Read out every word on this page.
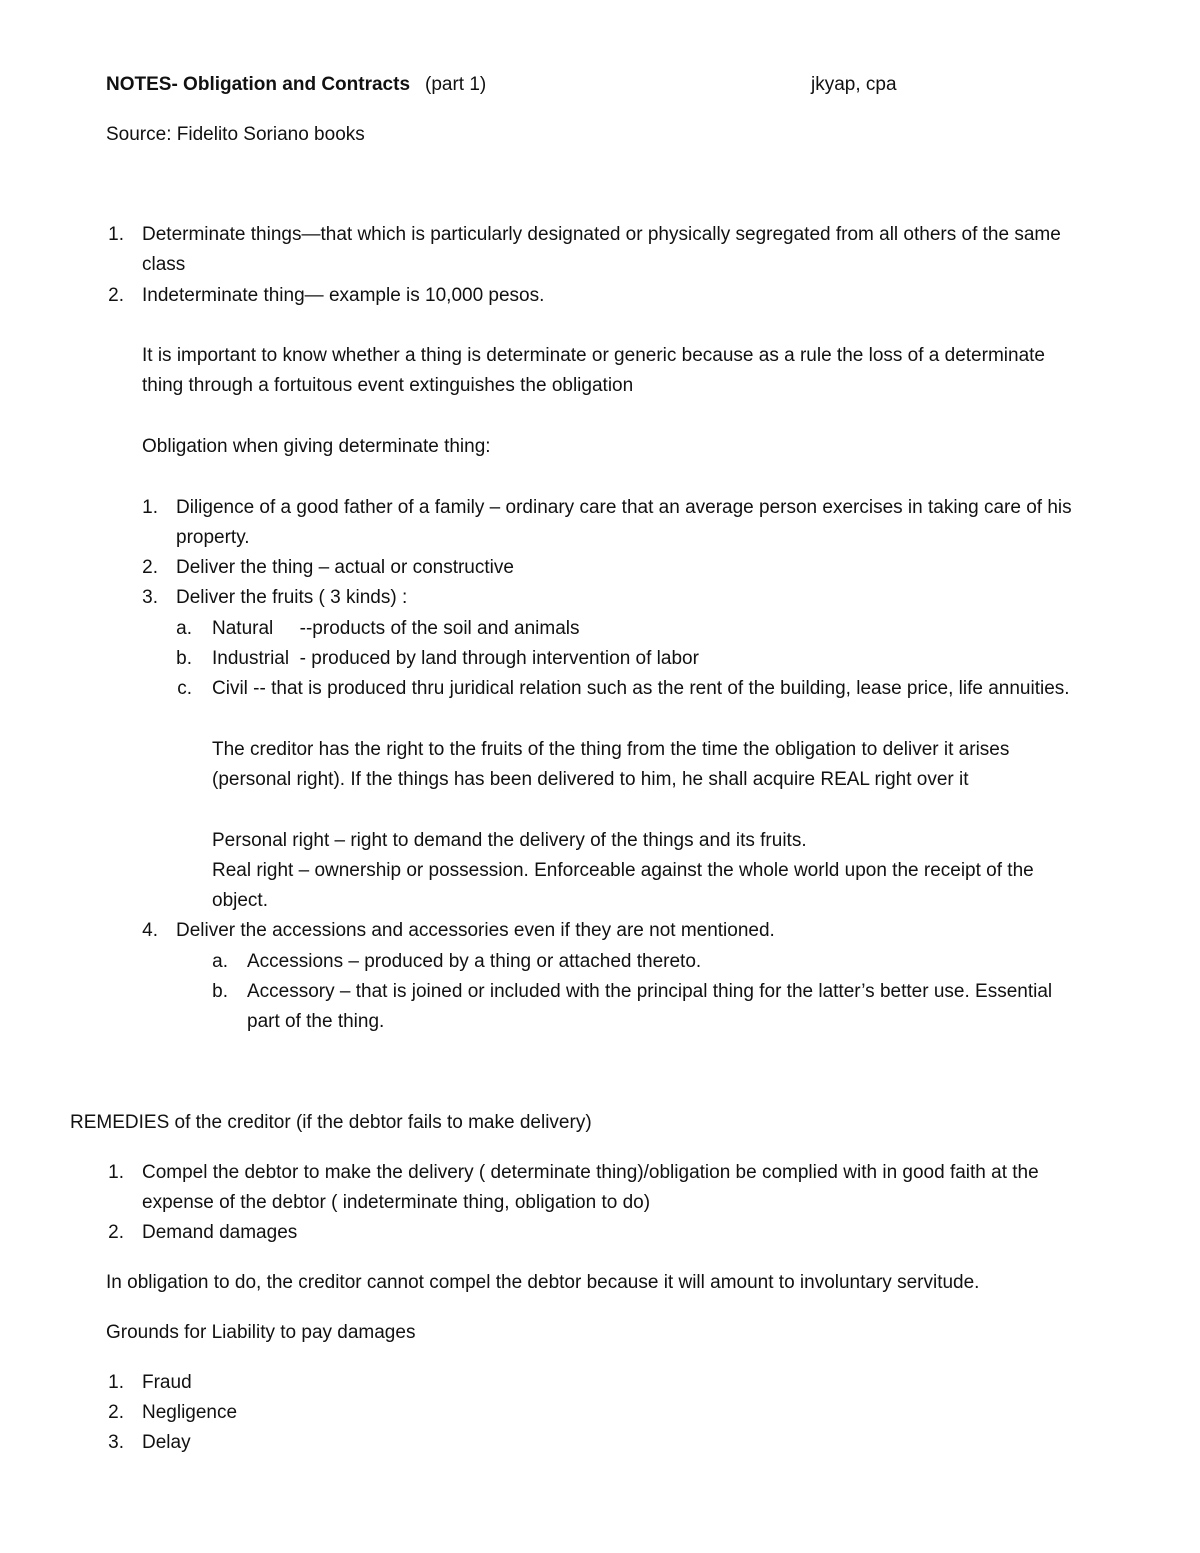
NOTES- Obligation and Contracts (part 1)	jkyap, cpa
Source: Fidelito Soriano books
1. Determinate things—that which is particularly designated or physically segregated from all others of the same
class
2. Indeterminate thing— example is 10,000 pesos.
It is important to know whether a thing is determinate or generic because as a rule the loss of a determinate
thing through a fortuitous event extinguishes the obligation
Obligation when giving determinate thing:
1. Diligence of a good father of a family – ordinary care that an average person exercises in taking care of his
property.
2. Deliver the thing – actual or constructive
3. Deliver the fruits ( 3 kinds) :
a. Natural     --products of the soil and animals
b. Industrial  - produced by land through intervention of labor
c. Civil -- that is produced thru juridical relation such as the rent of the building, lease price, life annuities.
The creditor has the right to the fruits of the thing from the time the obligation to deliver it arises
(personal right). If the things has been delivered to him, he shall acquire REAL right over it
Personal right – right to demand the delivery of the things and its fruits.
Real right – ownership or possession. Enforceable against the whole world upon the receipt of the
object.
4. Deliver the accessions and accessories even if they are not mentioned.
a. Accessions – produced by a thing or attached thereto.
b. Accessory – that is joined or included with the principal thing for the latter’s better use. Essential
part of the thing.
REMEDIES of the creditor (if the debtor fails to make delivery)
1. Compel the debtor to make the delivery ( determinate thing)/obligation be complied with in good faith at the
expense of the debtor ( indeterminate thing, obligation to do)
2. Demand damages
In obligation to do, the creditor cannot compel the debtor because it will amount to involuntary servitude.
Grounds for Liability to pay damages
1. Fraud
2. Negligence
3. Delay
